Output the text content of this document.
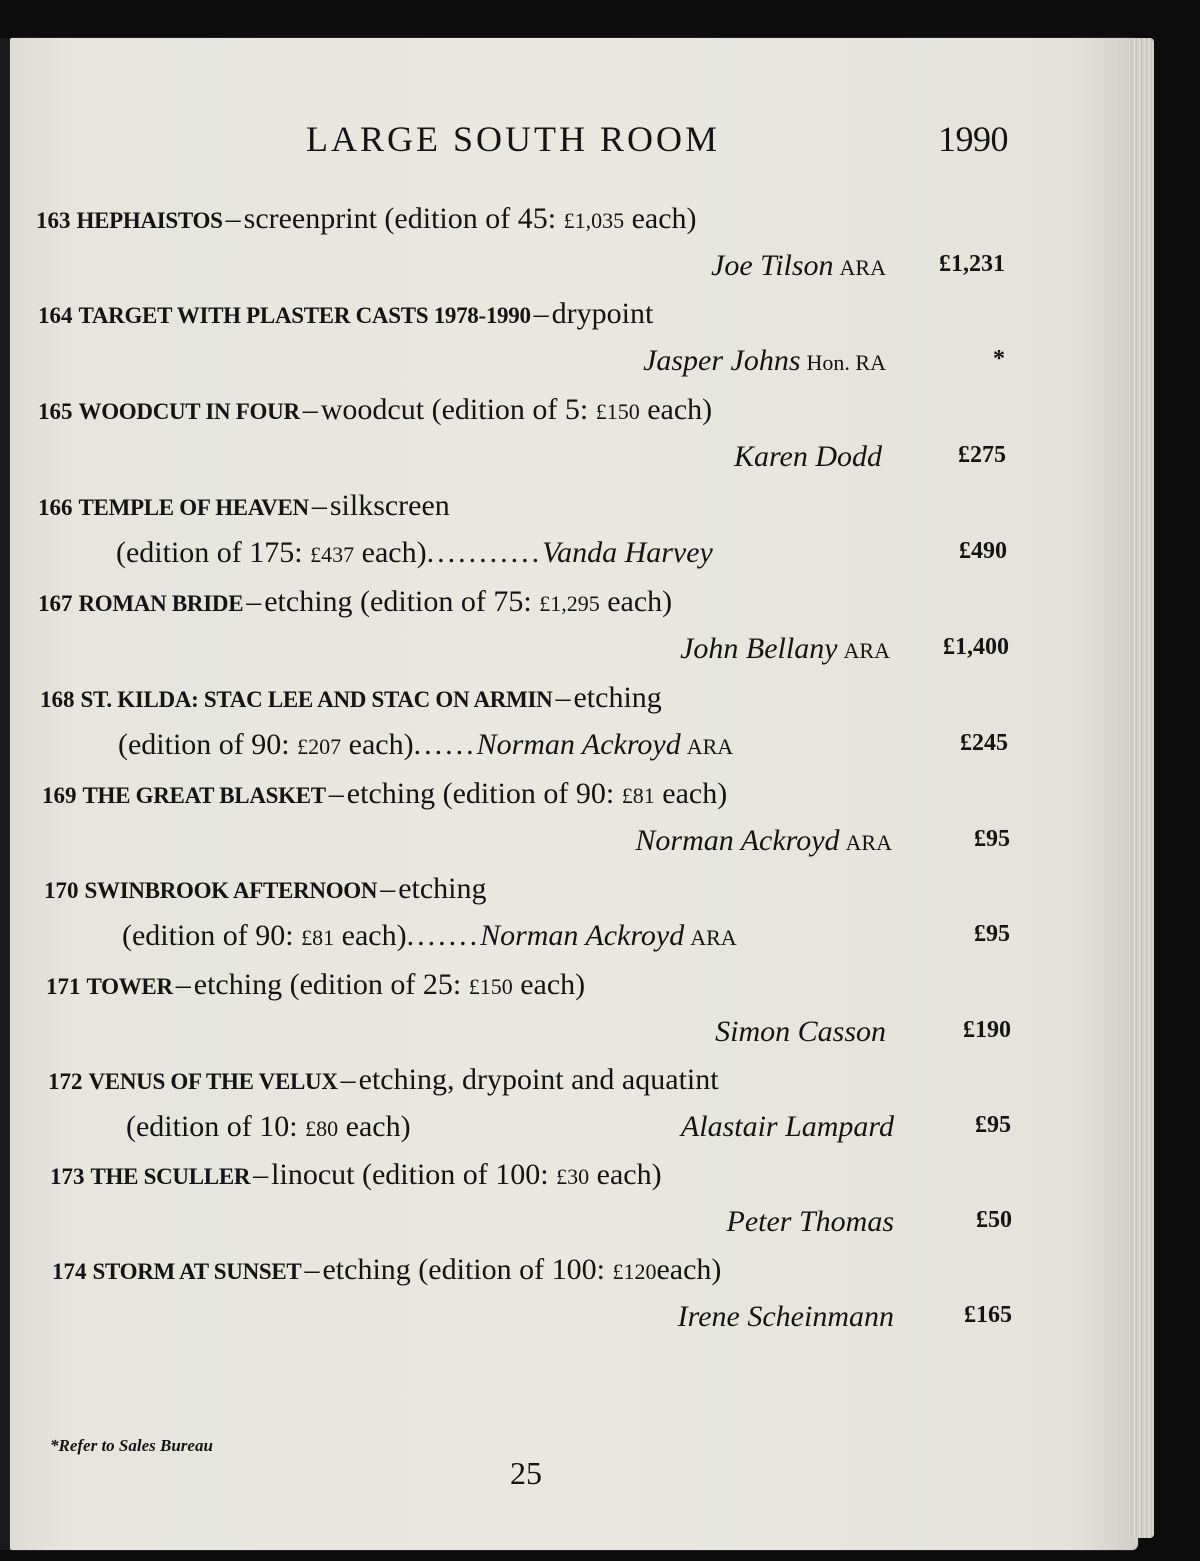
LARGE SOUTH ROOM	1990
163 HEPHAISTOS – screenprint (edition of 45: £1,035 each)
Joe Tilson ARA	£1,231
164 TARGET WITH PLASTER CASTS 1978-1990 – drypoint
Jasper Johns Hon. RA	*
165 WOODCUT IN FOUR – woodcut (edition of 5: £150 each)
Karen Dodd	£275
166 TEMPLE OF HEAVEN – silkscreen
(edition of 175: £437 each)...........Vanda Harvey	£490
167 ROMAN BRIDE – etching (edition of 75: £1,295 each)
John Bellany ARA	£1,400
168 ST. KILDA: STAC LEE AND STAC ON ARMIN – etching
(edition of 90: £207 each)......Norman Ackroyd ARA	£245
169 THE GREAT BLASKET – etching (edition of 90: £81 each)
Norman Ackroyd ARA	£95
170 SWINBROOK AFTERNOON – etching
(edition of 90: £81 each).......Norman Ackroyd ARA	£95
171 TOWER – etching (edition of 25: £150 each)
Simon Casson	£190
172 VENUS OF THE VELUX – etching, drypoint and aquatint
(edition of 10: £80 each)	Alastair Lampard	£95
173 THE SCULLER – linocut (edition of 100: £30 each)
Peter Thomas	£50
174 STORM AT SUNSET – etching (edition of 100: £120each)
Irene Scheinmann	£165
*Refer to Sales Bureau
25
